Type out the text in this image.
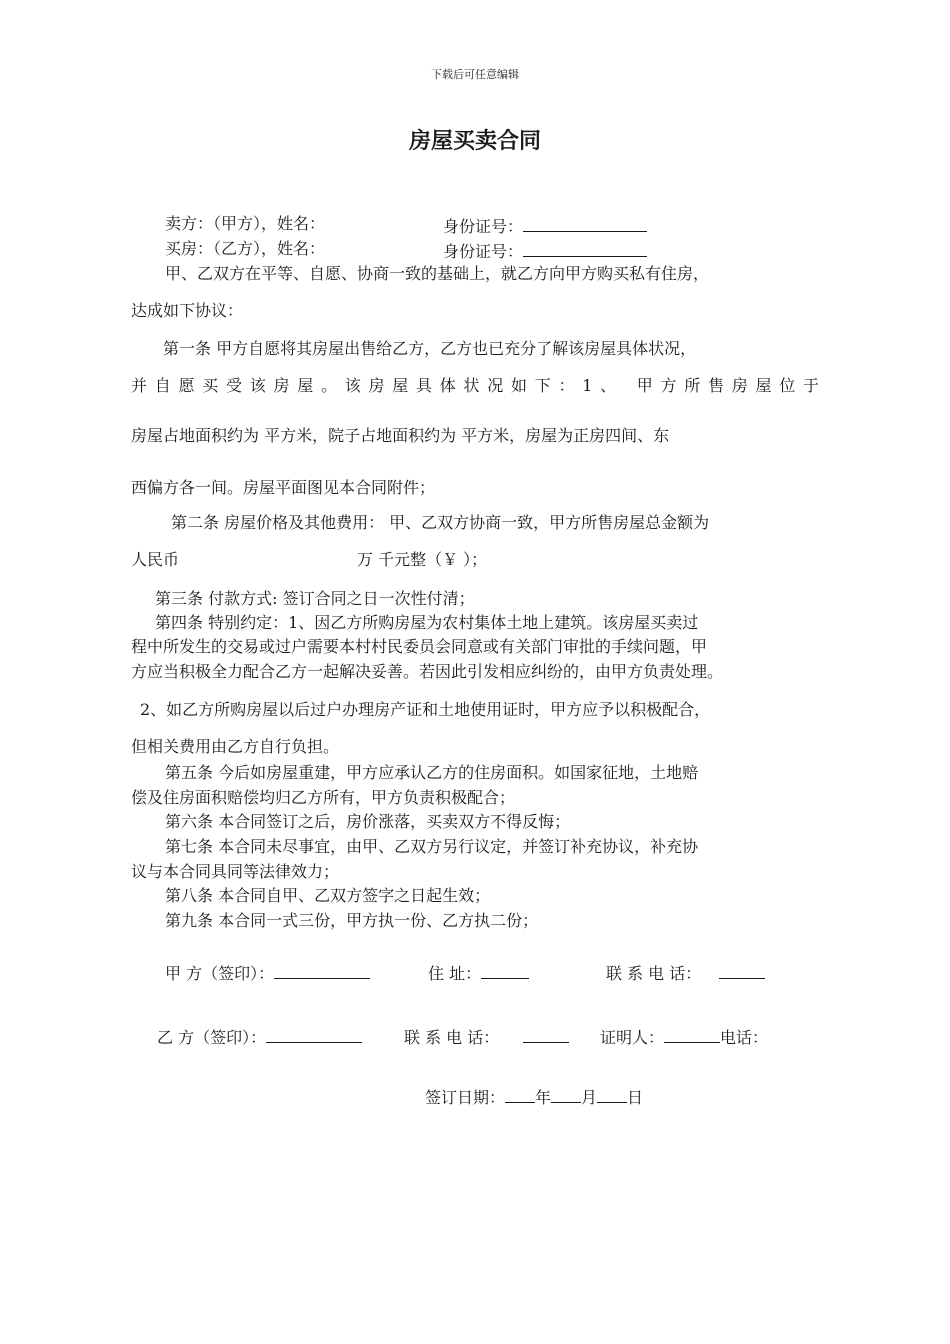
下载后可任意编辑
房屋买卖合同
卖方：（甲方），姓名：	身份证号：
买房：（乙方），姓名：	身份证号：
甲、乙双方在平等、自愿、协商一致的基础上，就乙方向甲方购买私有住房，
达成如下协议：
第一条 甲方自愿将其房屋出售给乙方，乙方也已充分了解该房屋具体状况，
并自愿买受该房屋。该房屋具体状况如下：1、 甲方所售房屋位于
房屋占地面积约为 平方米，院子占地面积约为 平方米，房屋为正房四间、东
西偏方各一间。房屋平面图见本合同附件；
第二条 房屋价格及其他费用： 甲、乙双方协商一致，甲方所售房屋总金额为
人民币	万 千元整（￥ ）；
第三条 付款方式: 签订合同之日一次性付清；
第四条 特别约定：1、因乙方所购房屋为农村集体土地上建筑。该房屋买卖过
程中所发生的交易或过户需要本村村民委员会同意或有关部门审批的手续问题，甲
方应当积极全力配合乙方一起解决妥善。若因此引发相应纠纷的，由甲方负责处理。
2、如乙方所购房屋以后过户办理房产证和土地使用证时，甲方应予以积极配合，
但相关费用由乙方自行负担。
第五条 今后如房屋重建，甲方应承认乙方的住房面积。如国家征地，土地赔
偿及住房面积赔偿均归乙方所有，甲方负责积极配合；
第六条 本合同签订之后，房价涨落，买卖双方不得反悔；
第七条 本合同未尽事宜，由甲、乙双方另行议定，并签订补充协议，补充协
议与本合同具同等法律效力；
第八条 本合同自甲、乙双方签字之日起生效；
第九条 本合同一式三份，甲方执一份、乙方执二份；
甲 方（签印）：	住 址：	联 系 电 话：
乙 方（签印）：	联 系 电 话：	证明人：	电话：
签订日期： 年 月 日
